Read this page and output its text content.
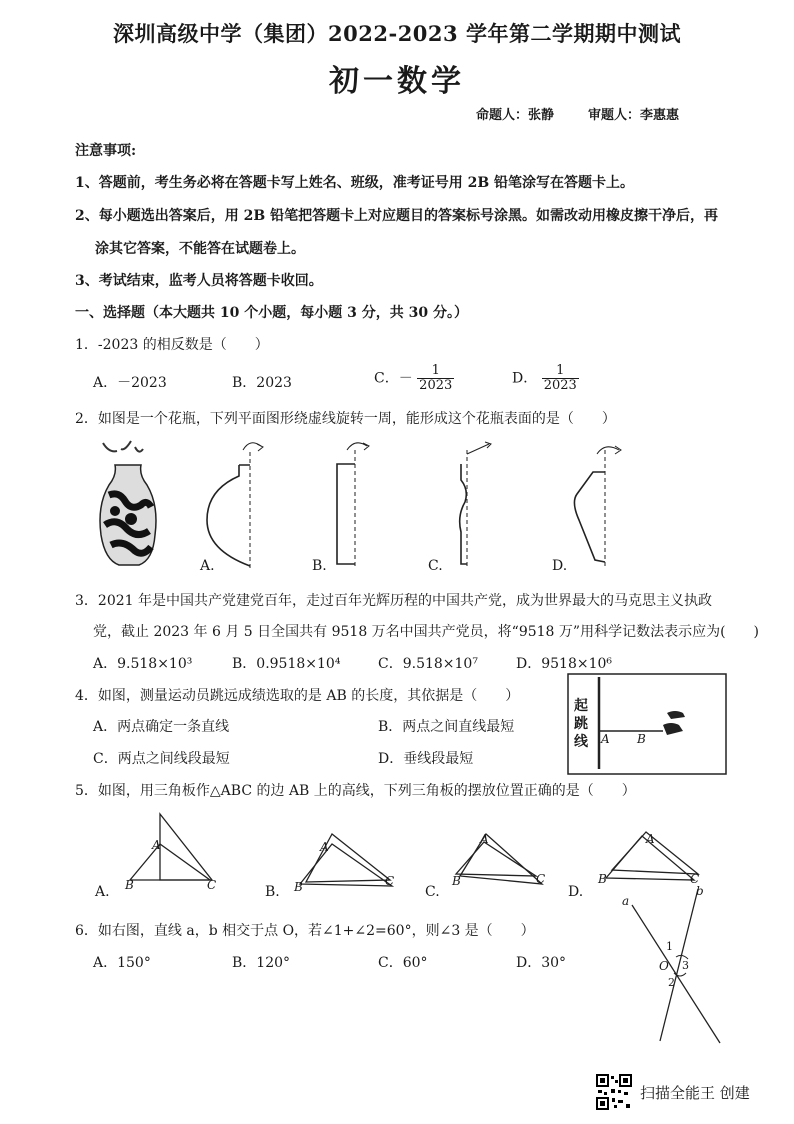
深圳高级中学（集团）2022-2023 学年第二学期期中测试
初一数学
命题人：张静	审题人：李惠惠
注意事项:
1、答题前，考生务必将在答题卡写上姓名、班级，准考证号用 2B 铅笔涂写在答题卡上。
2、每小题选出答案后，用 2B 铅笔把答题卡上对应题目的答案标号涂黑。如需改动用橡皮擦干净后，再
涂其它答案，不能答在试题卷上。
3、考试结束，监考人员将答题卡收回。
一、选择题（本大题共 10 个小题，每小题 3 分，共 30 分。）
1．-2023 的相反数是（　　）
A．－2023	B．2023	C．－ $\frac{1}{2023}$	D． $\frac{1}{2023}$
2．如图是一个花瓶，下列平面图形绕虚线旋转一周，能形成这个花瓶表面的是（　　）
A.	B.	C.	D.
3．2021 年是中国共产党建党百年，走过百年光辉历程的中国共产党，成为世界最大的马克思主义执政
党，截止 2023 年 6 月 5 日全国共有 9518 万名中国共产党员，将“9518 万”用科学记数法表示应为(　　)
A．9.518×10³	B．0.9518×10⁴	C．9.518×10⁷	D．9518×10⁶
4．如图，测量运动员跳远成绩选取的是 AB 的长度，其依据是（　　）
A．两点确定一条直线	B．两点之间直线最短
C．两点之间线段最短	D．垂线段最短
起
跳
线 A B
5．如图，用三角板作△ABC 的边 AB 上的高线，下列三角板的摆放位置正确的是（　　）
A
B	C
A.
A
B	C
B.
A
B	C
C.
A
B	C
D.
6．如右图，直线 a，b 相交于点 O，若∠1+∠2=60°，则∠3 是（　　）
A．150°	B．120°	C．60°	D．30°
a
b
O
1
2
3
扫描全能王 创建
